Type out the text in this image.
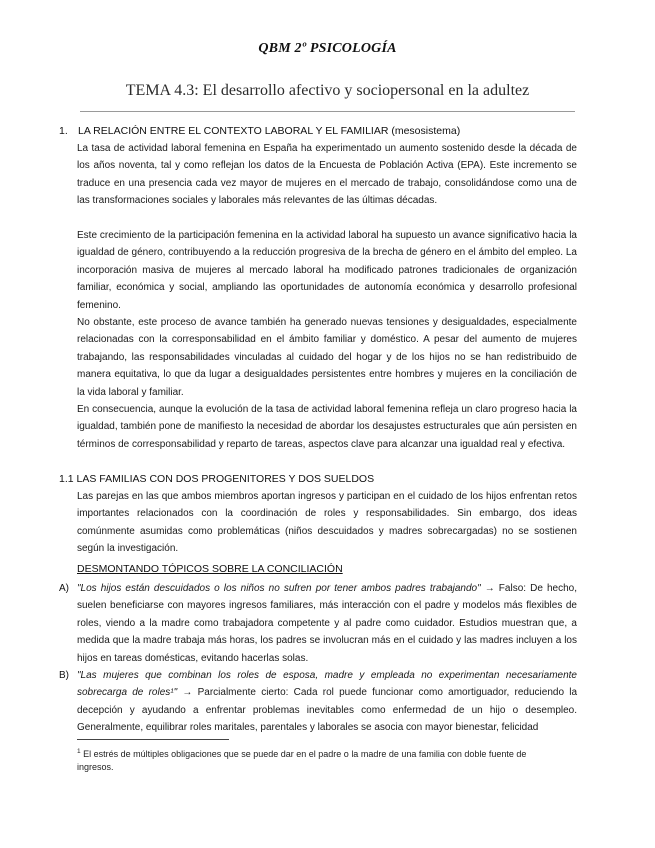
QBM 2º PSICOLOGÍA
TEMA 4.3: El desarrollo afectivo y sociopersonal en la adultez
1. LA RELACIÓN ENTRE EL CONTEXTO LABORAL Y EL FAMILIAR (mesosistema)
La tasa de actividad laboral femenina en España ha experimentado un aumento sostenido desde la década de los años noventa, tal y como reflejan los datos de la Encuesta de Población Activa (EPA). Este incremento se traduce en una presencia cada vez mayor de mujeres en el mercado de trabajo, consolidándose como una de las transformaciones sociales y laborales más relevantes de las últimas décadas.
Este crecimiento de la participación femenina en la actividad laboral ha supuesto un avance significativo hacia la igualdad de género, contribuyendo a la reducción progresiva de la brecha de género en el ámbito del empleo. La incorporación masiva de mujeres al mercado laboral ha modificado patrones tradicionales de organización familiar, económica y social, ampliando las oportunidades de autonomía económica y desarrollo profesional femenino.
No obstante, este proceso de avance también ha generado nuevas tensiones y desigualdades, especialmente relacionadas con la corresponsabilidad en el ámbito familiar y doméstico. A pesar del aumento de mujeres trabajando, las responsabilidades vinculadas al cuidado del hogar y de los hijos no se han redistribuido de manera equitativa, lo que da lugar a desigualdades persistentes entre hombres y mujeres en la conciliación de la vida laboral y familiar.
En consecuencia, aunque la evolución de la tasa de actividad laboral femenina refleja un claro progreso hacia la igualdad, también pone de manifiesto la necesidad de abordar los desajustes estructurales que aún persisten en términos de corresponsabilidad y reparto de tareas, aspectos clave para alcanzar una igualdad real y efectiva.
1.1 LAS FAMILIAS CON DOS PROGENITORES Y DOS SUELDOS
Las parejas en las que ambos miembros aportan ingresos y participan en el cuidado de los hijos enfrentan retos importantes relacionados con la coordinación de roles y responsabilidades. Sin embargo, dos ideas comúnmente asumidas como problemáticas (niños descuidados y madres sobrecargadas) no se sostienen según la investigación.
DESMONTANDO TÓPICOS SOBRE LA CONCILIACIÓN
A) "Los hijos están descuidados o los niños no sufren por tener ambos padres trabajando" → Falso: De hecho, suelen beneficiarse con mayores ingresos familiares, más interacción con el padre y modelos más flexibles de roles, viendo a la madre como trabajadora competente y al padre como cuidador. Estudios muestran que, a medida que la madre trabaja más horas, los padres se involucran más en el cuidado y las madres incluyen a los hijos en tareas domésticas, evitando hacerlas solas.
B) "Las mujeres que combinan los roles de esposa, madre y empleada no experimentan necesariamente sobrecarga de roles¹" → Parcialmente cierto: Cada rol puede funcionar como amortiguador, reduciendo la decepción y ayudando a enfrentar problemas inevitables como enfermedad de un hijo o desempleo. Generalmente, equilibrar roles maritales, parentales y laborales se asocia con mayor bienestar, felicidad
$^1$ El estrés de múltiples obligaciones que se puede dar en el padre o la madre de una familia con doble fuente de ingresos.
